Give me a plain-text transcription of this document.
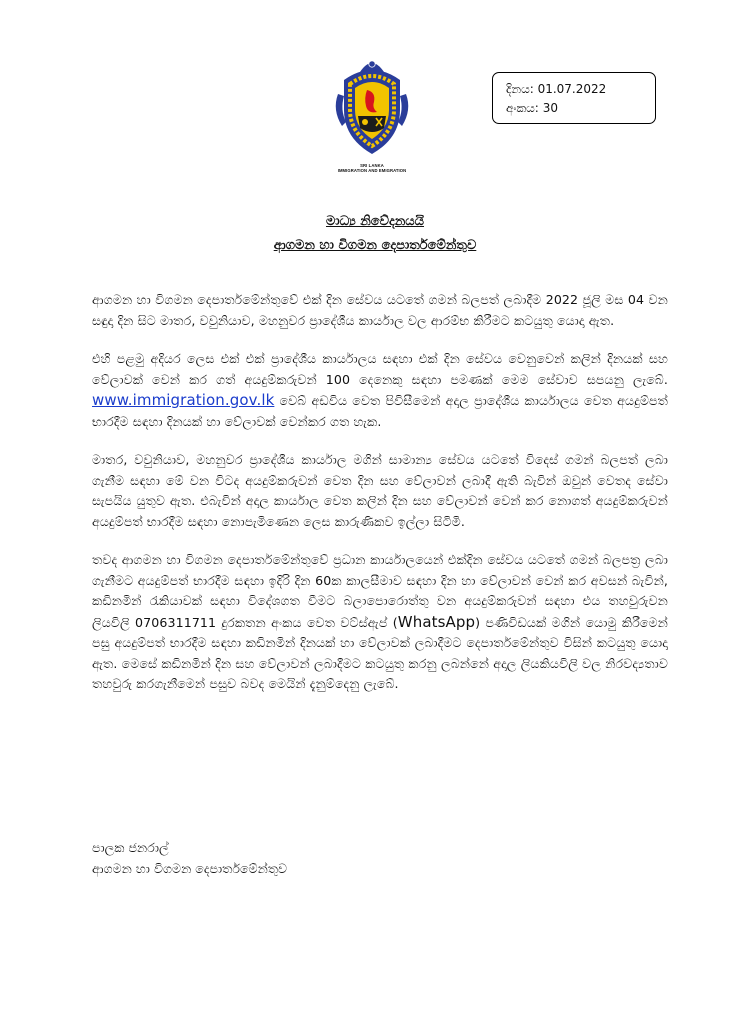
SRI LANKA
IMMIGRATION AND EMIGRATION
දිනය: 01.07.2022
අංකය: 30
මාධ්‍ය නිවේදනයයි
ආගමන හා විගමන දෙපාර්තමේන්තුව

ආගමන හා විගමන දෙපාර්තමේන්තුවේ එක් දින සේවය යටතේ ගමන් බලපත් ලබාදීම 2022 ජූලි මස 04 වන සඳුදා දින සිට මාතර, වවුනියාව, මහනුවර ප්‍රාදේශීය කාර්යාල වල ආරම්භ කිරීමට කටයුතු යොදා ඇත.

එහි පළමු අදියර ලෙස එක් එක් ප්‍රාදේශීය කාර්යාලය සඳහා එක් දින සේවය වෙනුවෙන් කලින් දිනයක් සහ වේලාවක් වෙන් කර ගත් අයදුම්කරුවන් 100 දෙනෙකු සඳහා පමණක් මෙම සේවාව සපයනු ලැබේ. www.immigration.gov.lk වෙබ් අඩවිය වෙත පිවිසීමෙන් අදාල ප්‍රාදේශීය කාර්යාලය වෙත අයදුම්පත් භාරදීම සඳහා දිනයක් හා වේලාවක් වෙන්කර ගත හැක.

මාතර, වවුනියාව, මහනුවර ප්‍රාදේශීය කාර්යාල මගින් සාමාන්‍ය සේවය යටතේ විදෙස් ගමන් බලපත් ලබා ගැනීම සඳහා මේ වන විටද අයදුම්කරුවන් වෙත දින සහ වේලාවන් ලබාදී ඇති බැවින් ඔවුන් වෙතද සේවා සැපයිය යුතුව ඇත. එබැවින් අදාල කාර්යාල වෙත කලින් දින සහ වේලාවන් වෙන් කර නොගත් අයදුම්කරුවන් අයදුම්පත් භාරදීම සඳහා නොපැමිණෙන ලෙස කාරුණිකව ඉල්ලා සිටිමි.

තවද ආගමන හා විගමන දෙපාර්තමේන්තුවේ ප්‍රධාන කාර්යාලයෙන් එක්දින සේවය යටතේ ගමන් බලපත්‍ර ලබා ගැනීමට අයදුම්පත් භාරදීම සඳහා ඉදිරි දින 60ක කාලසීමාව සඳහා දින හා වේලාවන් වෙන් කර අවසන් බැවින්, කඩිනමින් රැකියාවක් සඳහා විදේශගත වීමට බලාපොරොත්තු වන අයදුම්කරුවන් සඳහා එය තහවුරුවන ලියවිලි 0706311711 දුරකතන අංකය වෙත වට්ස්ඇප් (WhatsApp) පණිවිඩයක් මගින් යොමු කිරීමෙන් පසු අයදුම්පත් භාරදීම සඳහා කඩිනමින් දිනයක් හා වේලාවක් ලබාදීමට දෙපාර්තමේන්තුව විසින් කටයුතු යොදා ඇත. මෙසේ කඩිනමින් දින සහ වේලාවන් ලබාදීමට කටයුතු කරනු ලබන්නේ අදාල ලියකියවිලි වල නිරවද්‍යතාව තහවුරු කරගැනීමෙන් පසුව බවද මෙයින් දැනුම්දෙනු ලැබේ.

පාලක ජනරාල්
ආගමන හා විගමන දෙපාර්තමේන්තුව
